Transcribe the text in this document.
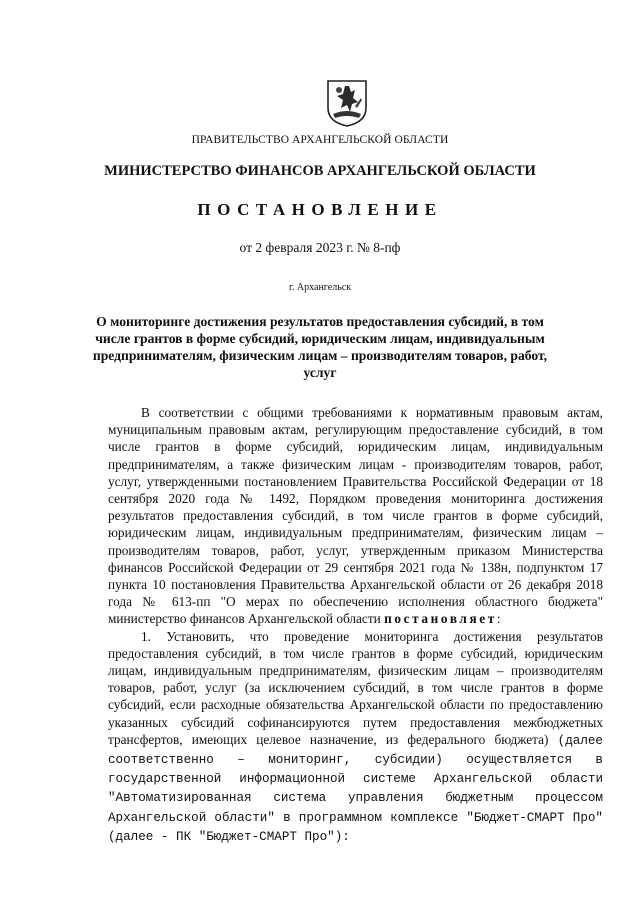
ПРАВИТЕЛЬСТВО АРХАНГЕЛЬСКОЙ ОБЛАСТИ
МИНИСТЕРСТВО ФИНАНСОВ АРХАНГЕЛЬСКОЙ ОБЛАСТИ
ПОСТАНОВЛЕНИЕ
от 2 февраля 2023 г. № 8-пф
г. Архангельск
О мониторинге достижения результатов предоставления субсидий, в том числе грантов в форме субсидий, юридическим лицам, индивидуальным предпринимателям, физическим лицам – производителям товаров, работ, услуг

В соответствии с общими требованиями к нормативным правовым актам, муниципальным правовым актам, регулирующим предоставление субсидий, в том числе грантов в форме субсидий, юридическим лицам, индивидуальным предпринимателям, а также физическим лицам - производителям товаров, работ, услуг, утвержденными постановлением Правительства Российской Федерации от 18 сентября 2020 года № 1492, Порядком проведения мониторинга достижения результатов предоставления субсидий, в том числе грантов в форме субсидий, юридическим лицам, индивидуальным предпринимателям, физическим лицам – производителям товаров, работ, услуг, утвержденным приказом Министерства финансов Российской Федерации от 29 сентября 2021 года № 138н, подпунктом 17 пункта 10 постановления Правительства Архангельской области от 26 декабря 2018 года № 613-пп "О мерах по обеспечению исполнения областного бюджета" министерство финансов Архангельской области постановляет:

1. Установить, что проведение мониторинга достижения результатов предоставления субсидий, в том числе грантов в форме субсидий, юридическим лицам, индивидуальным предпринимателям, физическим лицам – производителям товаров, работ, услуг (за исключением субсидий, в том числе грантов в форме субсидий, если расходные обязательства Архангельской области по предоставлению указанных субсидий софинансируются путем предоставления межбюджетных трансфертов, имеющих целевое назначение, из федерального бюджета) (далее соответственно – мониторинг, субсидии) осуществляется в государственной информационной системе Архангельской области "Автоматизированная система управления бюджетным процессом Архангельской области" в программном комплексе "Бюджет-СМАРТ Про" (далее - ПК "Бюджет-СМАРТ Про"):
